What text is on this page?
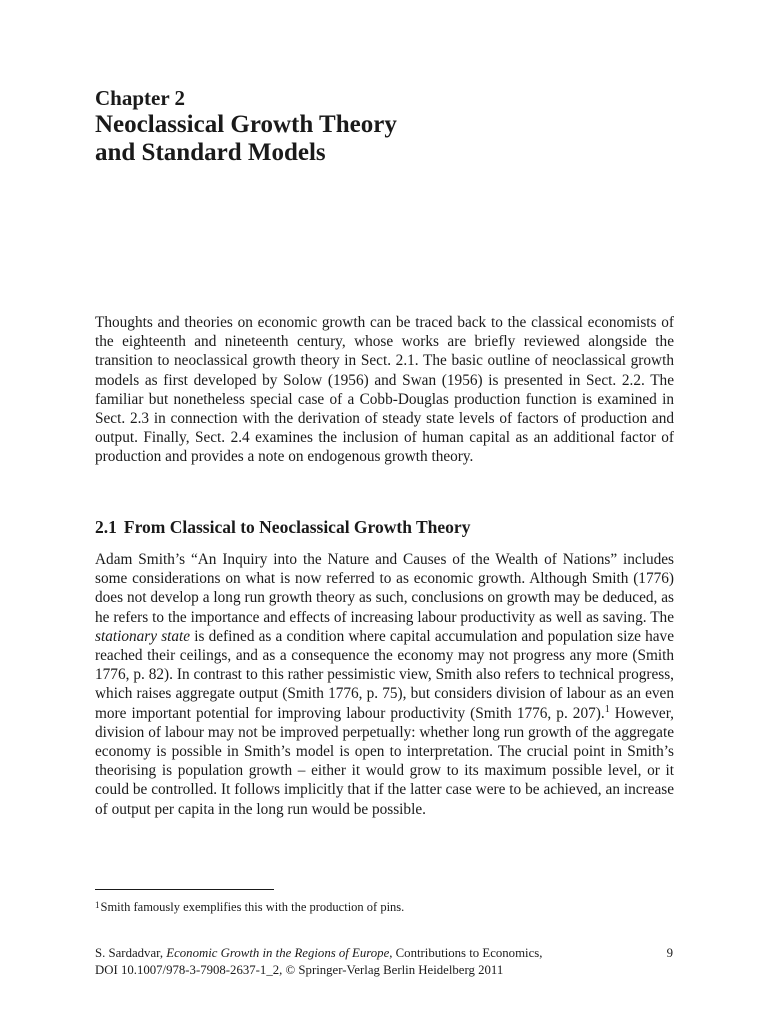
Chapter 2
Neoclassical Growth Theory
and Standard Models

Thoughts and theories on economic growth can be traced back to the classical economists of the eighteenth and nineteenth century, whose works are briefly reviewed alongside the transition to neoclassical growth theory in Sect. 2.1. The basic outline of neoclassical growth models as first developed by Solow (1956) and Swan (1956) is presented in Sect. 2.2. The familiar but nonetheless special case of a Cobb-Douglas production function is examined in Sect. 2.3 in connection with the derivation of steady state levels of factors of production and output. Finally, Sect. 2.4 examines the inclusion of human capital as an additional factor of production and provides a note on endogenous growth theory.

2.1 From Classical to Neoclassical Growth Theory

Adam Smith’s “An Inquiry into the Nature and Causes of the Wealth of Nations” includes some considerations on what is now referred to as economic growth. Although Smith (1776) does not develop a long run growth theory as such, conclusions on growth may be deduced, as he refers to the importance and effects of increasing labour productivity as well as saving. The stationary state is defined as a condition where capital accumulation and population size have reached their ceilings, and as a consequence the economy may not progress any more (Smith 1776, p. 82). In contrast to this rather pessimistic view, Smith also refers to technical progress, which raises aggregate output (Smith 1776, p. 75), but considers division of labour as an even more important potential for improving labour productivity (Smith 1776, p. 207).$^1$ However, division of labour may not be improved perpetually: whether long run growth of the aggregate economy is possible in Smith’s model is open to interpretation. The crucial point in Smith’s theorising is population growth – either it would grow to its maximum possible level, or it could be controlled. It follows implicitly that if the latter case were to be achieved, an increase of output per capita in the long run would be possible.

$^1$Smith famously exemplifies this with the production of pins.

S. Sardadvar, Economic Growth in the Regions of Europe, Contributions to Economics,
DOI 10.1007/978-3-7908-2637-1_2, © Springer-Verlag Berlin Heidelberg 2011
9
